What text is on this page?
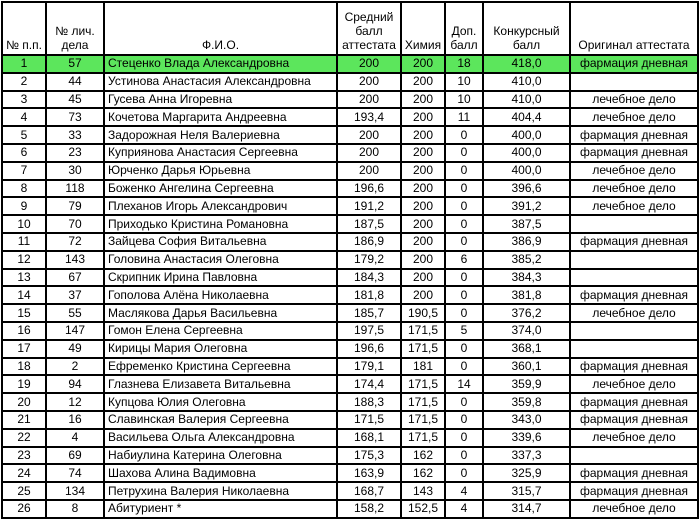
№ п.п.	№ лич. дела	Ф.И.О.	Средний балл аттестата	Химия	Доп. балл	Конкурсный балл	Оригинал аттестата
1	57	Стеценко Влада Александровна	200	200	18	418,0	фармация дневная
2	44	Устинова Анастасия Александровна	200	200	10	410,0	
3	45	Гусева Анна Игоревна	200	200	10	410,0	лечебное дело
4	73	Кочетова Маргарита Андреевна	193,4	200	11	404,4	лечебное дело
5	33	Задорожная Неля Валериевна	200	200	0	400,0	фармация дневная
6	23	Куприянова Анастасия Сергеевна	200	200	0	400,0	фармация дневная
7	30	Юрченко Дарья Юрьевна	200	200	0	400,0	лечебное дело
8	118	Боженко Ангелина Сергеевна	196,6	200	0	396,6	лечебное дело
9	79	Плеханов Игорь Александрович	191,2	200	0	391,2	лечебное дело
10	70	Приходько Кристина Романовна	187,5	200	0	387,5	
11	72	Зайцева София Витальевна	186,9	200	0	386,9	фармация дневная
12	143	Головина Анастасия Олеговна	179,2	200	6	385,2	
13	67	Скрипник Ирина Павловна	184,3	200	0	384,3	
14	37	Гополова Алёна Николаевна	181,8	200	0	381,8	фармация дневная
15	55	Маслякова Дарья Васильевна	185,7	190,5	0	376,2	лечебное дело
16	147	Гомон Елена Сергеевна	197,5	171,5	5	374,0	
17	49	Кирицы Мария Олеговна	196,6	171,5	0	368,1	
18	2	Ефременко Кристина Сергеевна	179,1	181	0	360,1	фармация дневная
19	94	Глазнева Елизавета Витальевна	174,4	171,5	14	359,9	лечебное дело
20	12	Купцова Юлия Олеговна	188,3	171,5	0	359,8	фармация дневная
21	16	Славинская Валерия Сергеевна	171,5	171,5	0	343,0	фармация дневная
22	4	Васильева Ольга Александровна	168,1	171,5	0	339,6	лечебное дело
23	69	Набиулина Катерина Олеговна	175,3	162	0	337,3	
24	74	Шахова Алина Вадимовна	163,9	162	0	325,9	фармация дневная
25	134	Петрухина Валерия Николаевна	168,7	143	4	315,7	фармация дневная
26	8	Абитуриент *	158,2	152,5	4	314,7	лечебное дело
